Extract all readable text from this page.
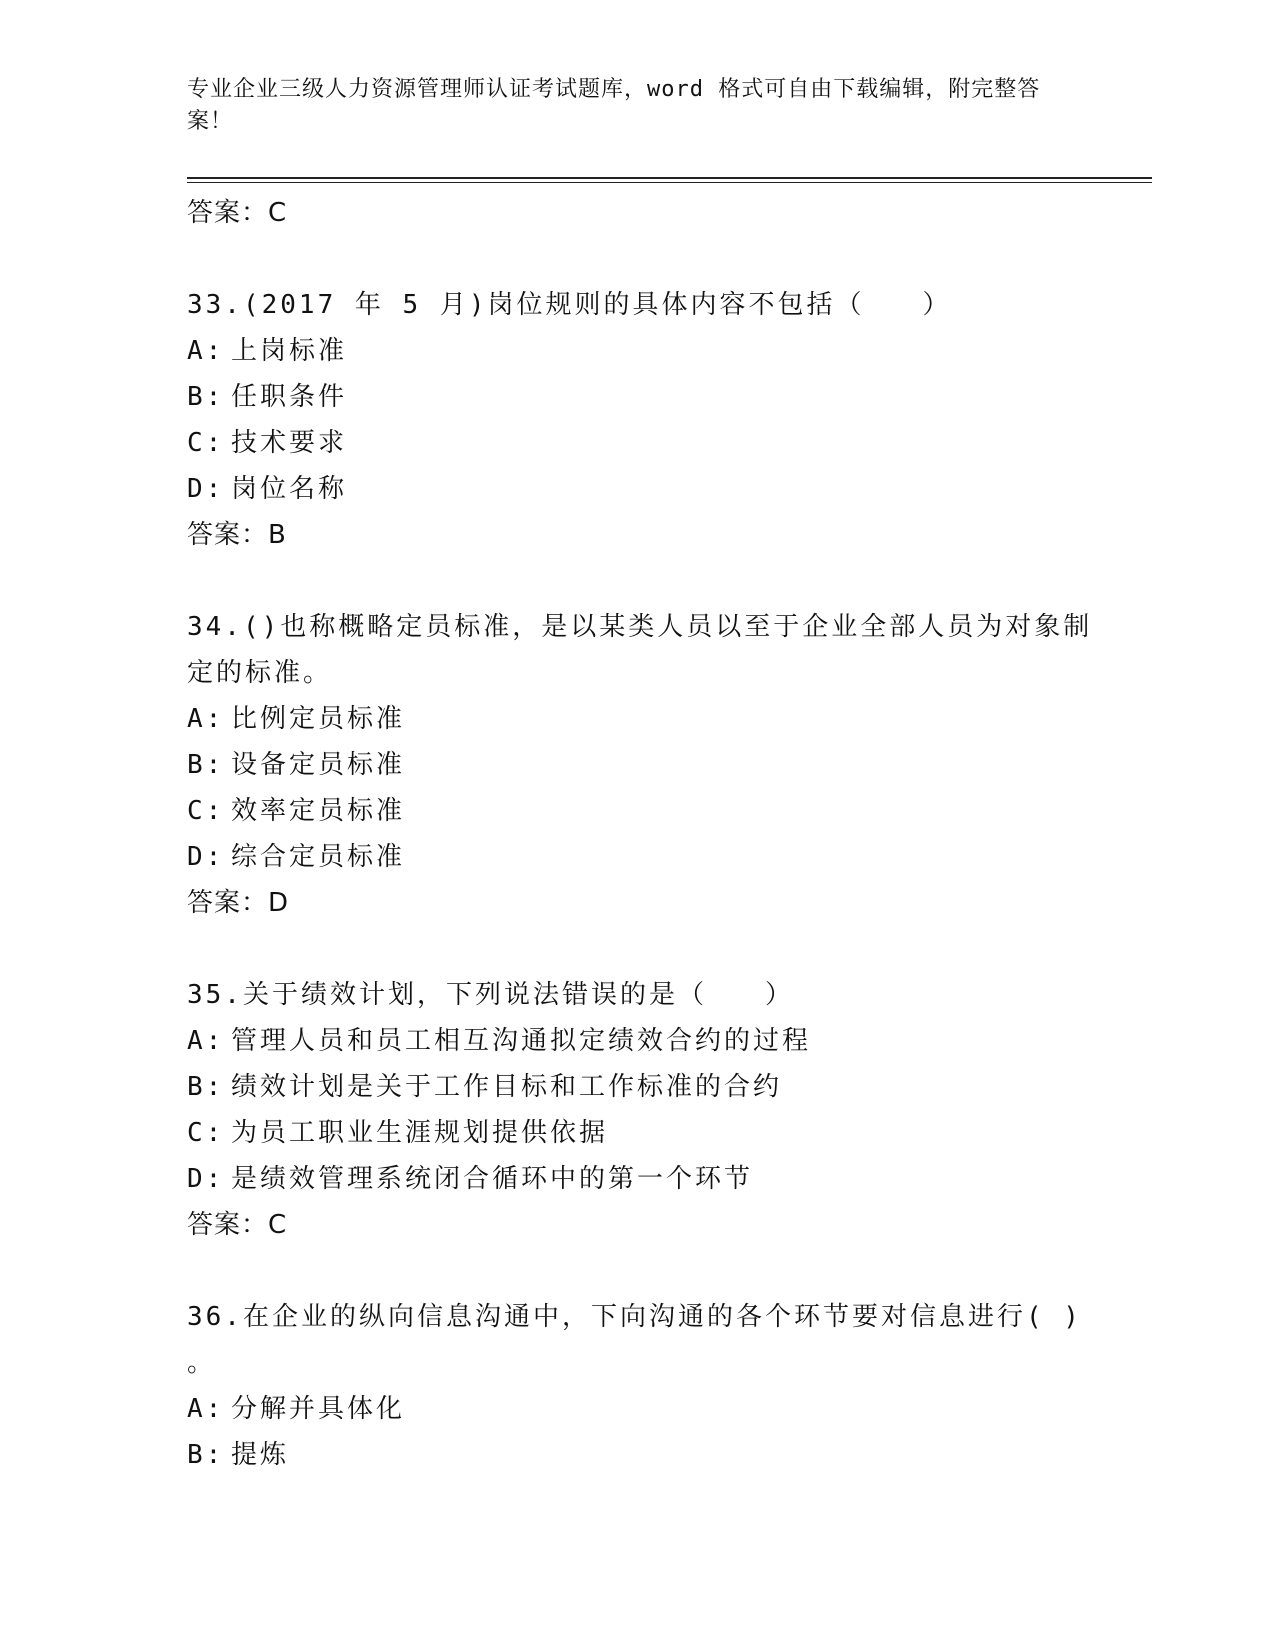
专业企业三级人力资源管理师认证考试题库，word 格式可自由下载编辑，附完整答案！
答案：C
33.(2017 年 5 月)岗位规则的具体内容不包括（　　）
A: 上岗标准
B: 任职条件
C: 技术要求
D: 岗位名称
答案：B
34.()也称概略定员标准，是以某类人员以至于企业全部人员为对象制
定的标准。
A: 比例定员标准
B: 设备定员标准
C: 效率定员标准
D: 综合定员标准
答案：D
35.关于绩效计划，下列说法错误的是（　　）
A: 管理人员和员工相互沟通拟定绩效合约的过程
B: 绩效计划是关于工作目标和工作标准的合约
C: 为员工职业生涯规划提供依据
D: 是绩效管理系统闭合循环中的第一个环节
答案：C
36.在企业的纵向信息沟通中，下向沟通的各个环节要对信息进行( )
。
A: 分解并具体化
B: 提炼
